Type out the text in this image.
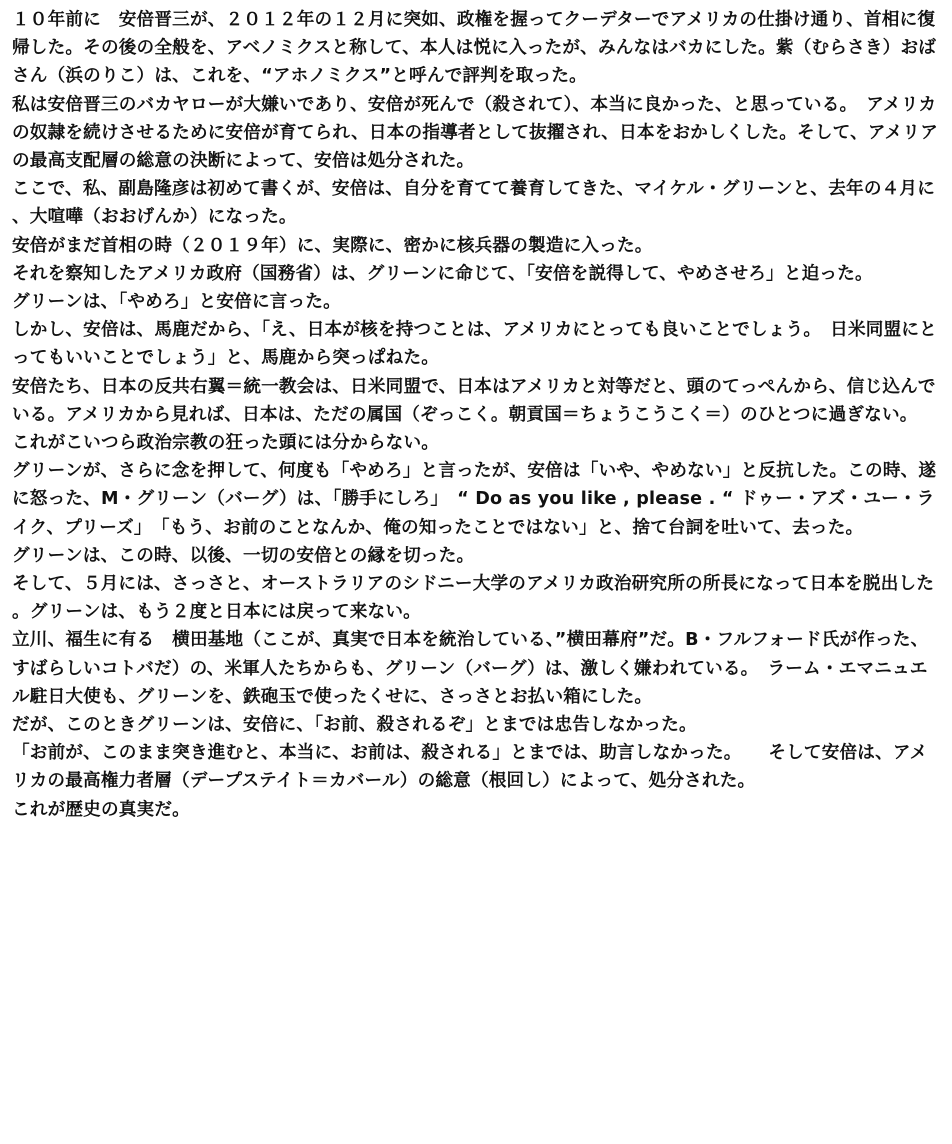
１０年前に　安倍晋三が、２０１２年の１２月に突如、政権を握ってクーデターでアメリカの仕掛け通り、首相に復帰した。その後の全般を、アベノミクスと称して、本人は悦に入ったが、みんなはバカにした。紫（むらさき）おばさん（浜のりこ）は、これを、“アホノミクス”と呼んで評判を取った。

私は安倍晋三のバカヤローが大嫌いであり、安倍が死んで（殺されて）、本当に良かった、と思っている。　アメリカの奴隷を続けさせるために安倍が育てられ、日本の指導者として抜擢され、日本をおかしくした。そして、アメリアの最高支配層の総意の決断によって、安倍は処分された。

ここで、私、副島隆彦は初めて書くが、安倍は、自分を育てて養育してきた、マイケル・グリーンと、去年の４月に、大喧嘩（おおげんか）になった。

安倍がまだ首相の時（２０１９年）に、実際に、密かに核兵器の製造に入った。

それを察知したアメリカ政府（国務省）は、グリーンに命じて、「安倍を説得して、やめさせろ」と迫った。

グリーンは、「やめろ」と安倍に言った。

しかし、安倍は、馬鹿だから、「え、日本が核を持つことは、アメリカにとっても良いことでしょう。　日米同盟にとってもいいことでしょう」と、馬鹿から突っぱねた。

安倍たち、日本の反共右翼＝統一教会は、日米同盟で、日本はアメリカと対等だと、頭のてっぺんから、信じ込んでいる。アメリカから見れば、日本は、ただの属国（ぞっこく。朝貢国＝ちょうこうこく＝）のひとつに過ぎない。

これがこいつら政治宗教の狂った頭には分からない。

グリーンが、さらに念を押して、何度も「やめろ」と言ったが、安倍は「いや、やめない」と反抗した。この時、遂に怒った、M・グリーン（バーグ）は、「勝手にしろ」　“ Do as you like , please . “ ドゥー・アズ・ユー・ライク、プリーズ」　「もう、お前のことなんか、俺の知ったことではない」と、捨て台詞を吐いて、去った。

グリーンは、この時、以後、一切の安倍との縁を切った。

そして、５月には、さっさと、オーストラリアのシドニー大学のアメリカ政治研究所の所長になって日本を脱出した。グリーンは、もう２度と日本には戻って来ない。

立川、福生に有る　横田基地（ここが、真実で日本を統治している、”横田幕府”だ。B・フルフォード氏が作った、すばらしいコトバだ）の、米軍人たちからも、グリーン（バーグ）は、激しく嫌われている。　ラーム・エマニュエル駐日大使も、グリーンを、鉄砲玉で使ったくせに、さっさとお払い箱にした。

だが、このときグリーンは、安倍に、「お前、殺されるぞ」とまでは忠告しなかった。

「お前が、このまま突き進むと、本当に、お前は、殺される」とまでは、助言しなかった。　　そして安倍は、アメリカの最高権力者層（デープステイト＝カバール）の総意（根回し）によって、処分された。

これが歴史の真実だ。
